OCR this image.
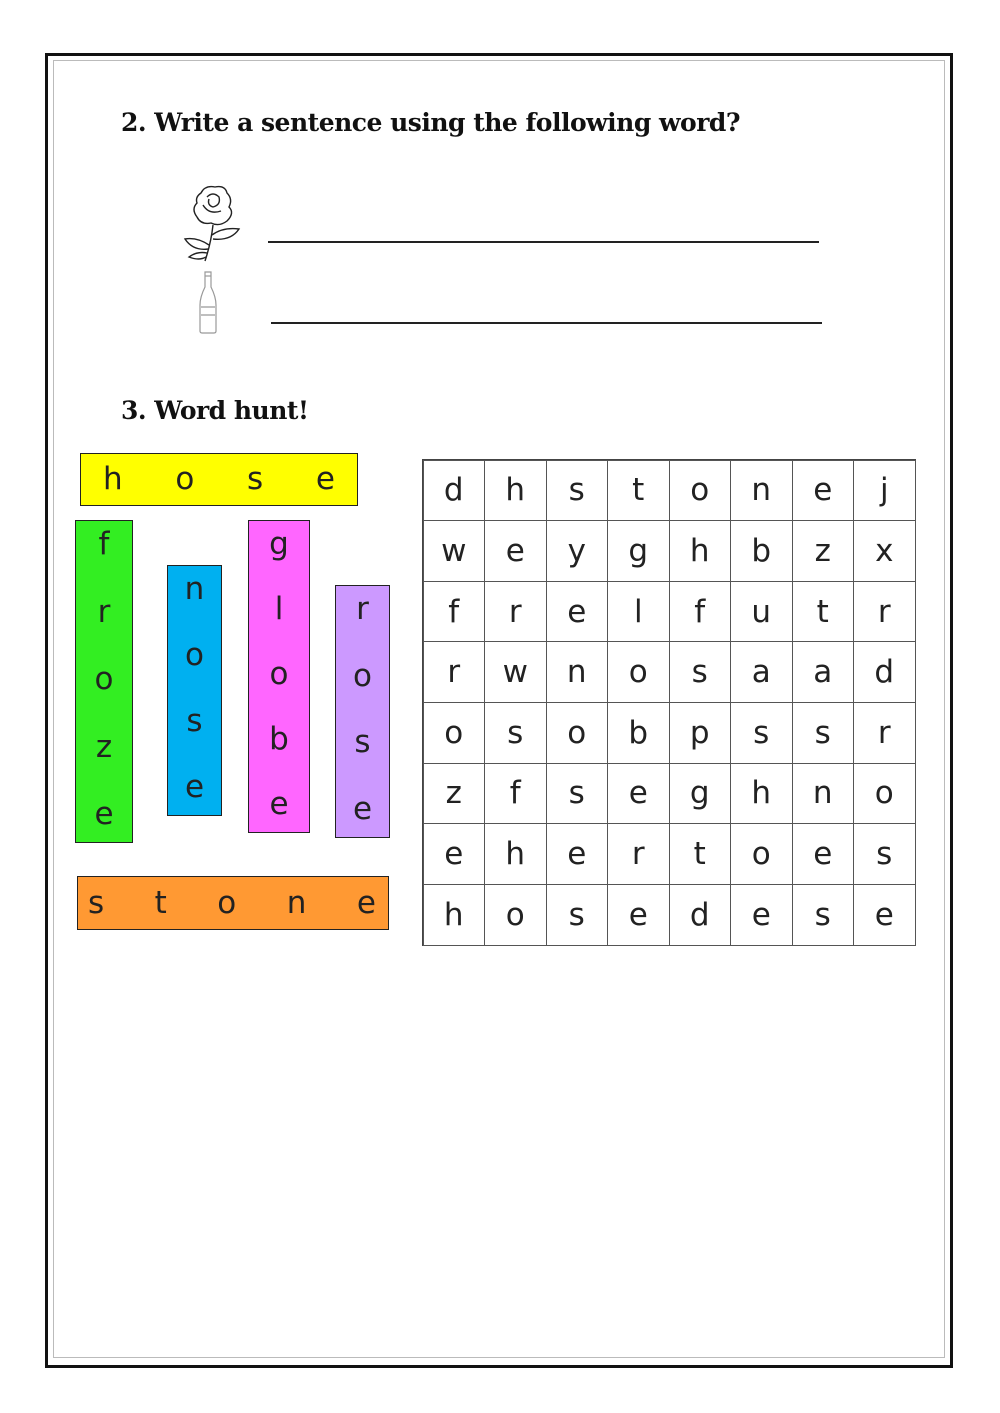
2. Write a sentence using the following word?
3. Word hunt!
h o s e
f
r
o
z
e
n
o
s
e
g
l
o
b
e
r
o
s
e
s t o n e
d	h	s	t	o	n	e	j
w	e	y	g	h	b	z	x
f	r	e	l	f	u	t	r
r	w	n	o	s	a	a	d
o	s	o	b	p	s	s	r
z	f	s	e	g	h	n	o
e	h	e	r	t	o	e	s
h	o	s	e	d	e	s	e
